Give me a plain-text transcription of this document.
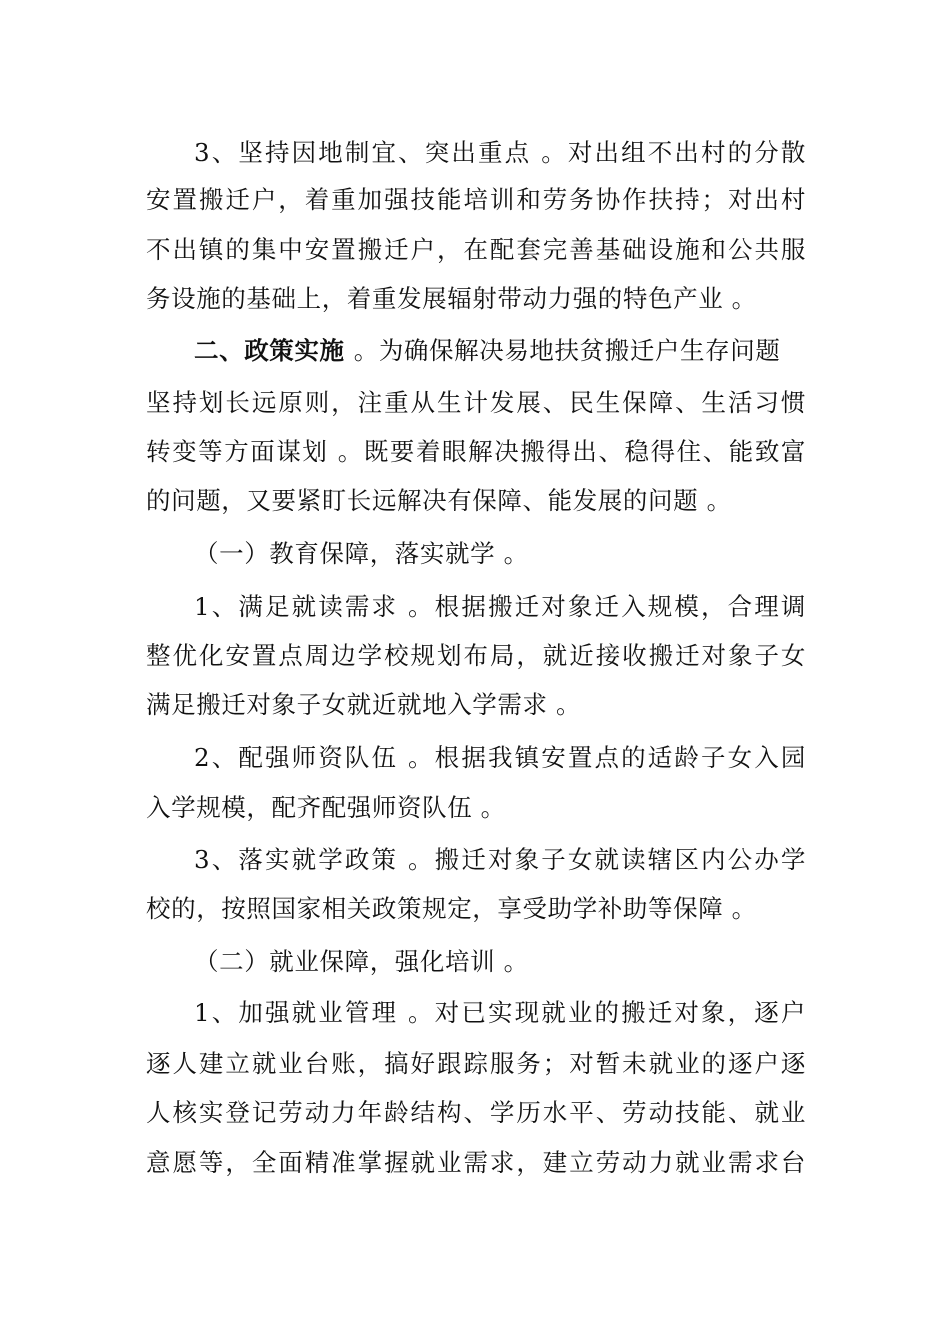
3、坚持因地制宜、突出重点 。对出组不出村的分散
安置搬迁户，着重加强技能培训和劳务协作扶持；对出村
不出镇的集中安置搬迁户，在配套完善基础设施和公共服
务设施的基础上，着重发展辐射带动力强的特色产业 。
二、政策实施 。为确保解决易地扶贫搬迁户生存问题
坚持划长远原则，注重从生计发展、民生保障、生活习惯
转变等方面谋划 。既要着眼解决搬得出、稳得住、能致富
的问题，又要紧盯长远解决有保障、能发展的问题 。
（一）教育保障，落实就学 。
1、满足就读需求 。根据搬迁对象迁入规模，合理调
整优化安置点周边学校规划布局，就近接收搬迁对象子女
满足搬迁对象子女就近就地入学需求 。
2、配强师资队伍 。根据我镇安置点的适龄子女入园
入学规模，配齐配强师资队伍 。
3、落实就学政策 。搬迁对象子女就读辖区内公办学
校的，按照国家相关政策规定，享受助学补助等保障 。
（二）就业保障，强化培训 。
1、加强就业管理 。对已实现就业的搬迁对象，逐户
逐人建立就业台账，搞好跟踪服务；对暂未就业的逐户逐
人核实登记劳动力年龄结构、学历水平、劳动技能、就业
意愿等，全面精准掌握就业需求，建立劳动力就业需求台
